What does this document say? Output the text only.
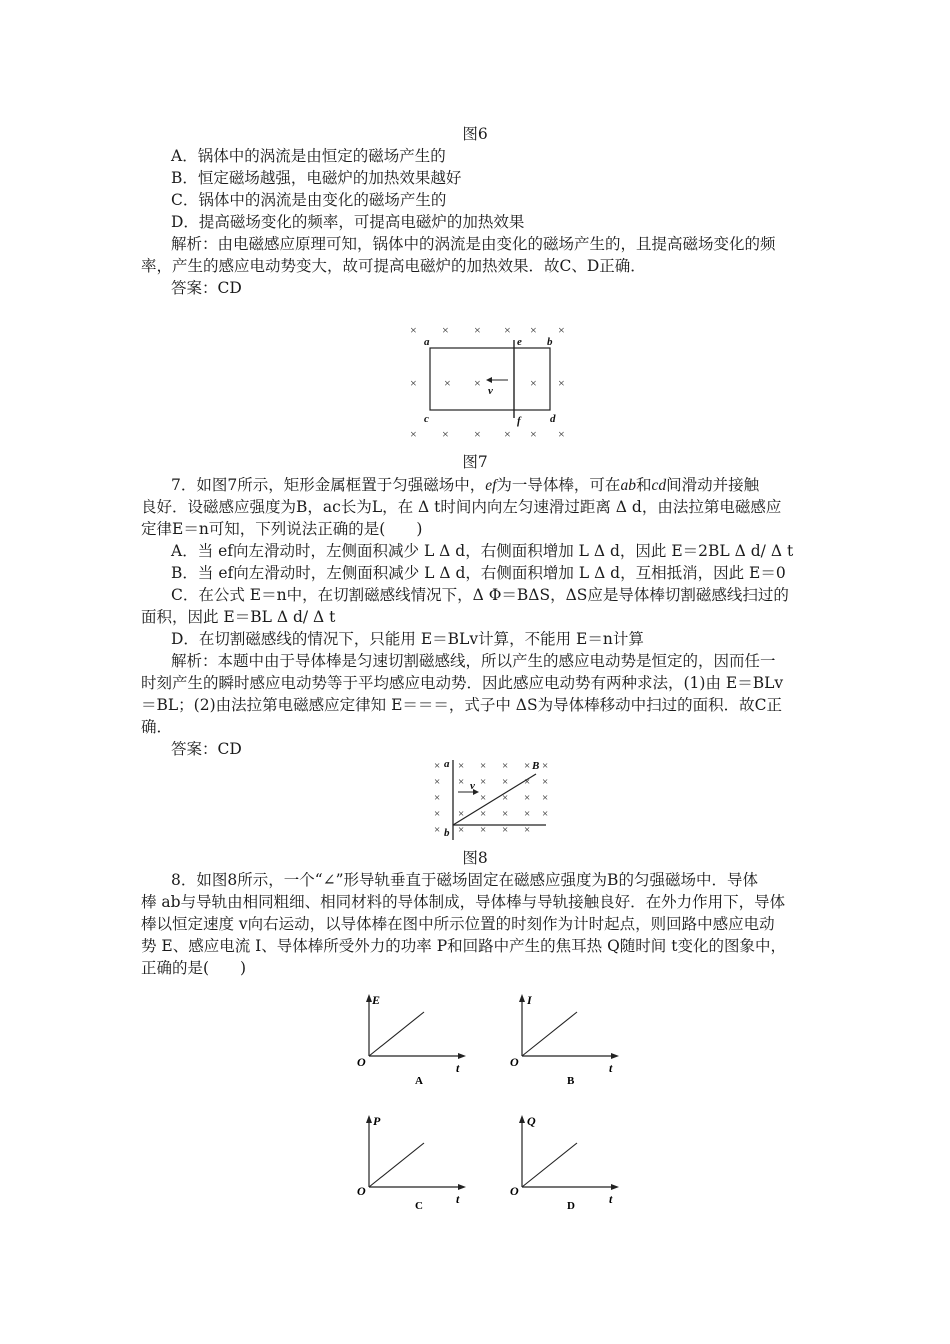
图6
A．锅体中的涡流是由恒定的磁场产生的
B．恒定磁场越强，电磁炉的加热效果越好
C．锅体中的涡流是由变化的磁场产生的
D．提高磁场变化的频率，可提高电磁炉的加热效果
解析：由电磁感应原理可知，锅体中的涡流是由变化的磁场产生的，且提高磁场变化的频
率，产生的感应电动势变大，故可提高电磁炉的加热效果．故C、D正确．
答案：CD
× × × × × ×
× × ×	× ×
× × × × × ×
a	e b
c	f	d
v
图7
7．如图7所示，矩形金属框置于匀强磁场中，ef为一导体棒，可在ab和cd间滑动并接触
良好．设磁感应强度为B，ac长为L，在 Δ t时间内向左匀速滑过距离 Δ d，由法拉第电磁感应
定律E＝n可知，下列说法正确的是(　　)
A．当 ef向左滑动时，左侧面积减少 L Δ d，右侧面积增加 L Δ d，因此 E＝2BL Δ d/ Δ t
B．当 ef向左滑动时，左侧面积减少 L Δ d，右侧面积增加 L Δ d，互相抵消，因此 E＝0
C．在公式 E＝n中，在切割磁感线情况下，Δ Φ＝BΔS，ΔS应是导体棒切割磁感线扫过的
面积，因此 E＝BL Δ d/ Δ t
D．在切割磁感线的情况下，只能用 E＝BLv计算，不能用 E＝n计算
解析：本题中由于导体棒是匀速切割磁感线，所以产生的感应电动势是恒定的，因而任一
时刻产生的瞬时感应电动势等于平均感应电动势．因此感应电动势有两种求法，(1)由 E＝BLv
＝BL；(2)由法拉第电磁感应定律知 E＝＝＝，式子中 ΔS为导体棒移动中扫过的面积．故C正
确．
答案：CD
× × × × × ×
× × × × × ×
×	× × × ×
× × × × × ×
× × × × ×
a
b
B
v
图8
8．如图8所示，一个“∠”形导轨垂直于磁场固定在磁感应强度为B的匀强磁场中．导体
棒 ab与导轨由相同粗细、相同材料的导体制成，导体棒与导轨接触良好．在外力作用下，导体
棒以恒定速度 v向右运动，以导体棒在图中所示位置的时刻作为计时起点，则回路中感应电动
势 E、感应电流 I、导体棒所受外力的功率 P和回路中产生的焦耳热 Q随时间 t变化的图象中，
正确的是(　　)
E
O	t
A
I
O	t
B
P
O
t
C
Q
O
t
D
